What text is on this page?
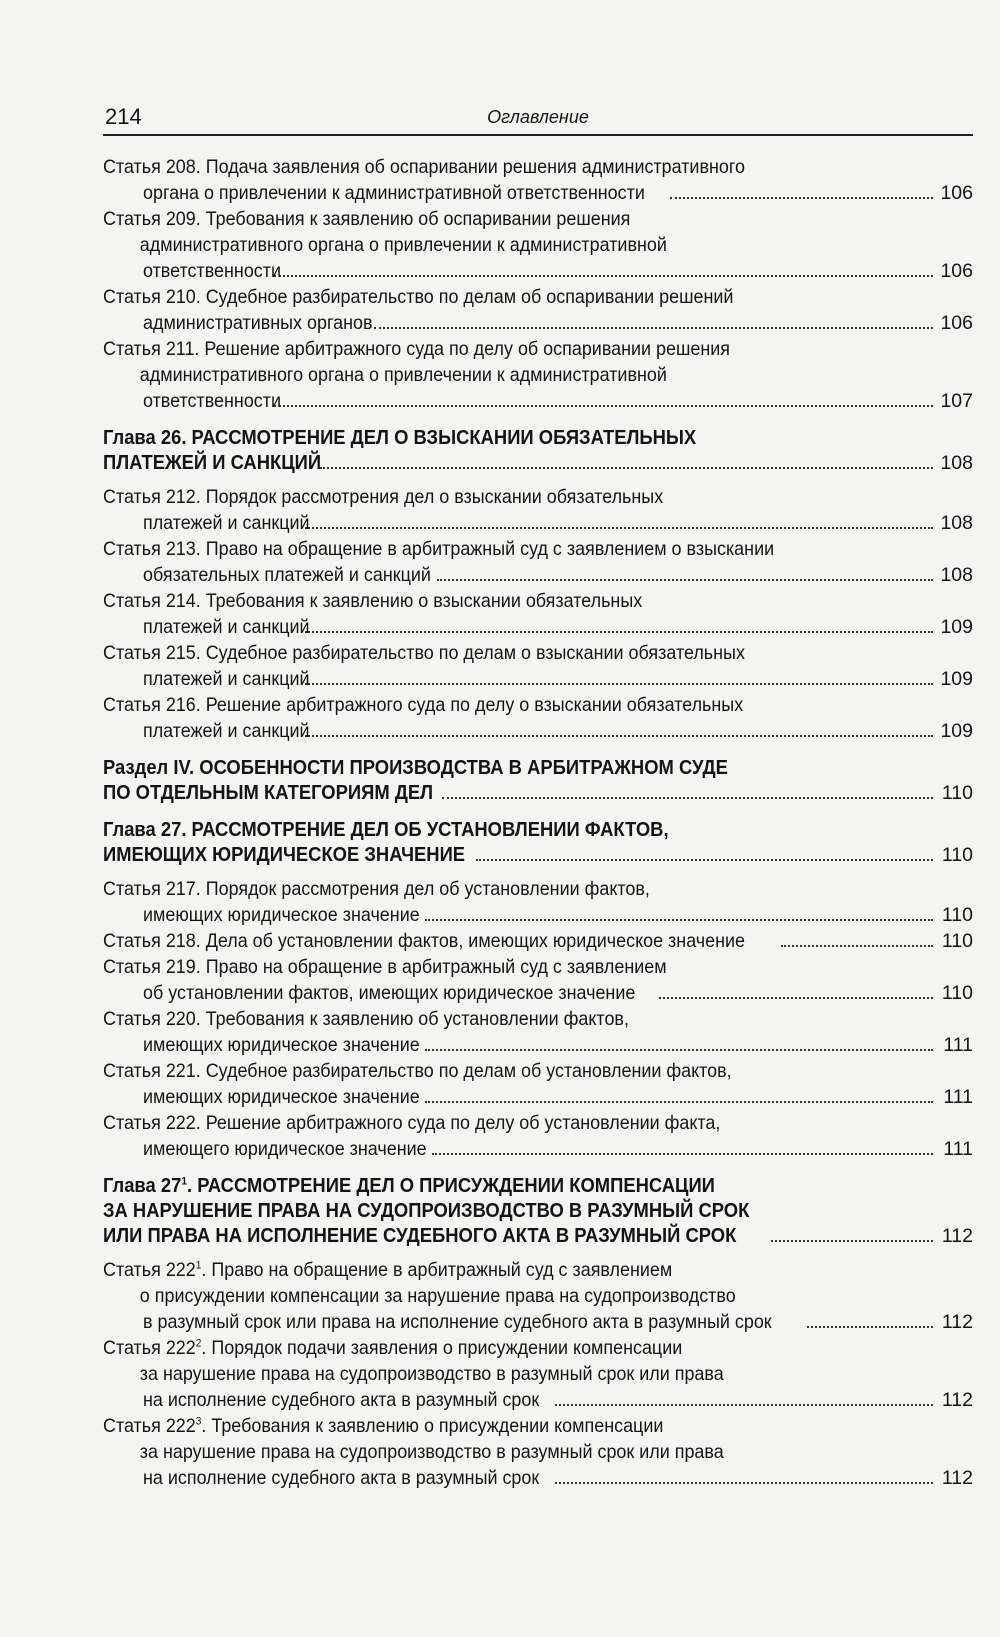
214	Оглавление
Статья 208. Подача заявления об оспаривании решения административного
органа о привлечении к административной ответственности	106
Статья 209. Требования к заявлению об оспаривании решения
административного органа о привлечении к административной
ответственности	106
Статья 210. Судебное разбирательство по делам об оспаривании решений
административных органов	106
Статья 211. Решение арбитражного суда по делу об оспаривании решения
административного органа о привлечении к административной
ответственности	107
Глава 26. РАССМОТРЕНИЕ ДЕЛ О ВЗЫСКАНИИ ОБЯЗАТЕЛЬНЫХ
ПЛАТЕЖЕЙ И САНКЦИЙ	108
Статья 212. Порядок рассмотрения дел о взыскании обязательных
платежей и санкций	108
Статья 213. Право на обращение в арбитражный суд с заявлением о взыскании
обязательных платежей и санкций	108
Статья 214. Требования к заявлению о взыскании обязательных
платежей и санкций	109
Статья 215. Судебное разбирательство по делам о взыскании обязательных
платежей и санкций	109
Статья 216. Решение арбитражного суда по делу о взыскании обязательных
платежей и санкций	109
Раздел IV. ОСОБЕННОСТИ ПРОИЗВОДСТВА В АРБИТРАЖНОМ СУДЕ
ПО ОТДЕЛЬНЫМ КАТЕГОРИЯМ ДЕЛ	110
Глава 27. РАССМОТРЕНИЕ ДЕЛ ОБ УСТАНОВЛЕНИИ ФАКТОВ,
ИМЕЮЩИХ ЮРИДИЧЕСКОЕ ЗНАЧЕНИЕ	110
Статья 217. Порядок рассмотрения дел об установлении фактов,
имеющих юридическое значение	110
Статья 218. Дела об установлении фактов, имеющих юридическое значение	110
Статья 219. Право на обращение в арбитражный суд с заявлением
об установлении фактов, имеющих юридическое значение	110
Статья 220. Требования к заявлению об установлении фактов,
имеющих юридическое значение	111
Статья 221. Судебное разбирательство по делам об установлении фактов,
имеющих юридическое значение	111
Статья 222. Решение арбитражного суда по делу об установлении факта,
имеющего юридическое значение	111
Глава $27^1$. РАССМОТРЕНИЕ ДЕЛ О ПРИСУЖДЕНИИ КОМПЕНСАЦИИ
ЗА НАРУШЕНИЕ ПРАВА НА СУДОПРОИЗВОДСТВО В РАЗУМНЫЙ СРОК
ИЛИ ПРАВА НА ИСПОЛНЕНИЕ СУДЕБНОГО АКТА В РАЗУМНЫЙ СРОК	112
Статья $222^1$. Право на обращение в арбитражный суд с заявлением
о присуждении компенсации за нарушение права на судопроизводство
в разумный срок или права на исполнение судебного акта в разумный срок	112
Статья $222^2$. Порядок подачи заявления о присуждении компенсации
за нарушение права на судопроизводство в разумный срок или права
на исполнение судебного акта в разумный срок	112
Статья $222^3$. Требования к заявлению о присуждении компенсации
за нарушение права на судопроизводство в разумный срок или права
на исполнение судебного акта в разумный срок	112
